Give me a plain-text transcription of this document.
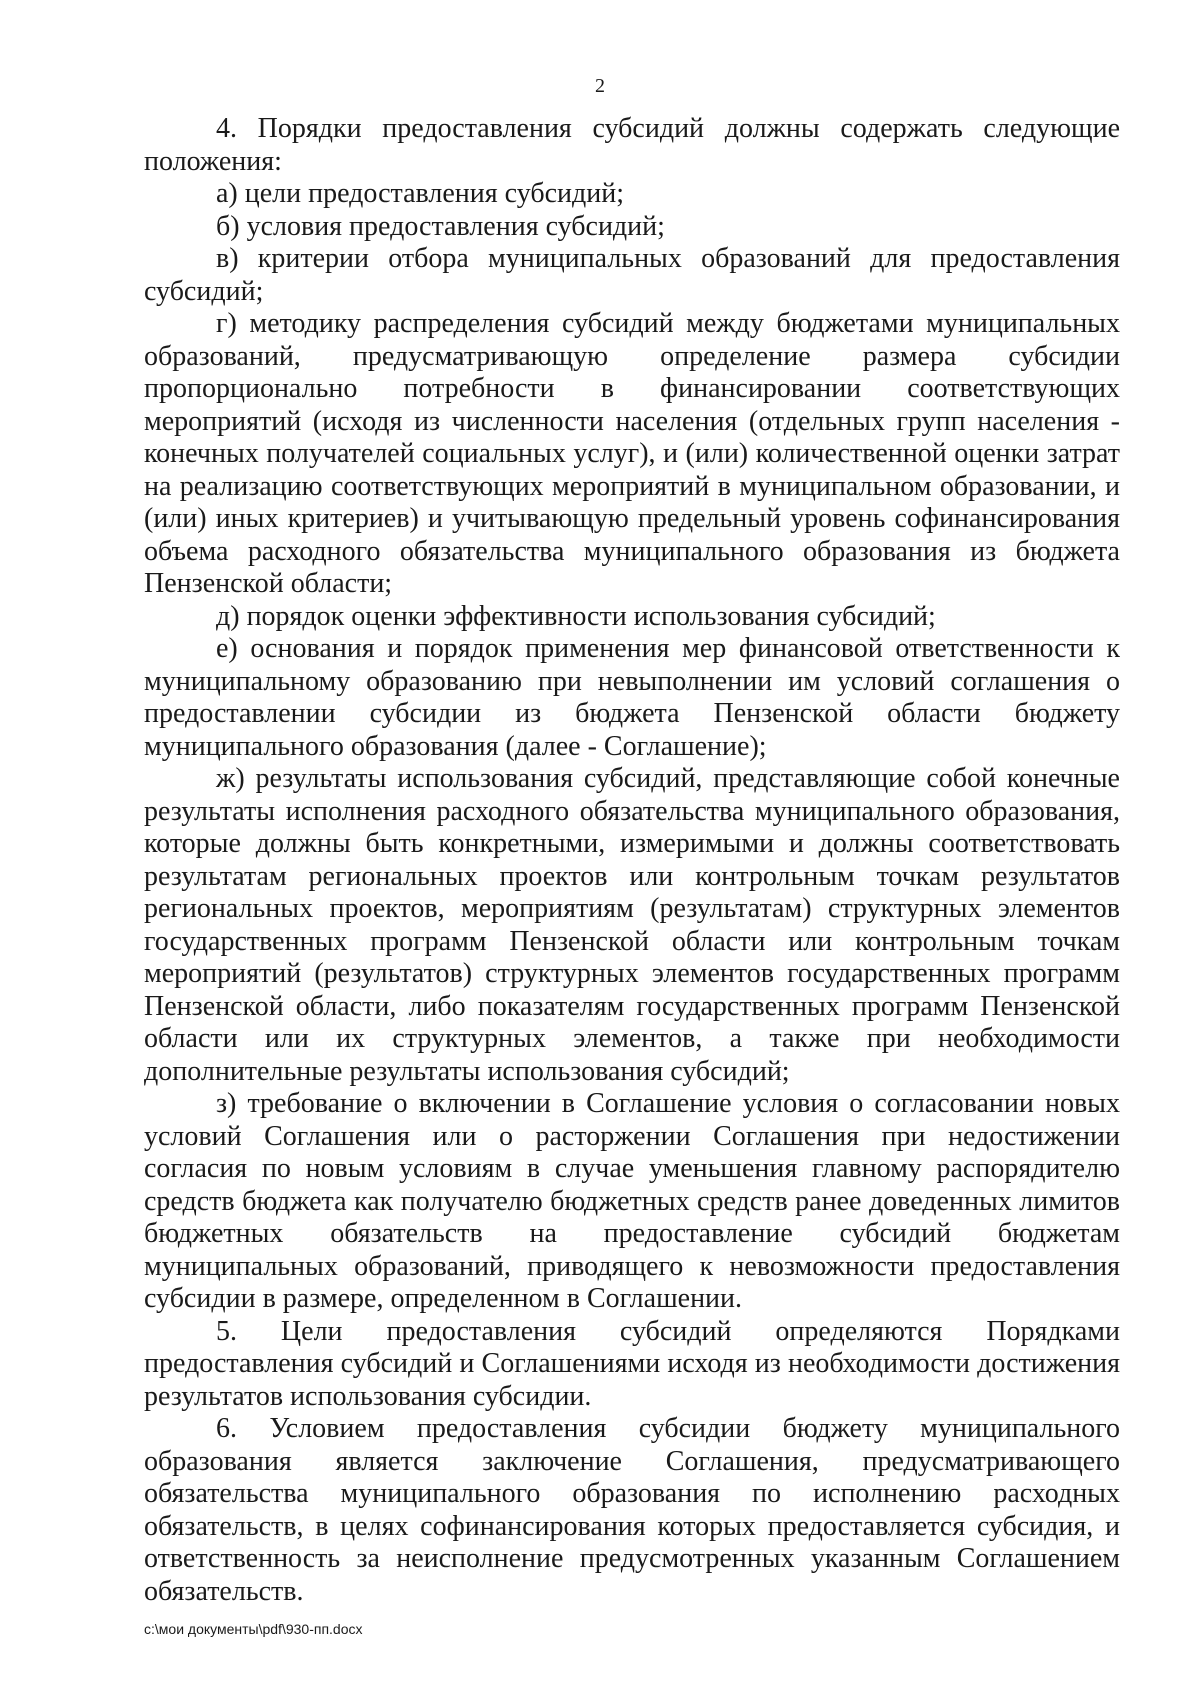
2

4. Порядки предоставления субсидий должны содержать следующие положения:

а) цели предоставления субсидий;

б) условия предоставления субсидий;

в) критерии отбора муниципальных образований для предоставления субсидий;

г) методику распределения субсидий между бюджетами муниципальных образований, предусматривающую определение размера субсидии пропорционально потребности в финансировании соответствующих мероприятий (исходя из численности населения (отдельных групп населения - конечных получателей социальных услуг), и (или) количественной оценки затрат на реализацию соответствующих мероприятий в муниципальном образовании, и (или) иных критериев) и учитывающую предельный уровень софинансирования объема расходного обязательства муниципального образования из бюджета Пензенской области;

д) порядок оценки эффективности использования субсидий;

е) основания и порядок применения мер финансовой ответственности к муниципальному образованию при невыполнении им условий соглашения о предоставлении субсидии из бюджета Пензенской области бюджету муниципального образования (далее - Соглашение);

ж) результаты использования субсидий, представляющие собой конечные результаты исполнения расходного обязательства муниципального образования, которые должны быть конкретными, измеримыми и должны соответствовать результатам региональных проектов или контрольным точкам результатов региональных проектов, мероприятиям (результатам) структурных элементов государственных программ Пензенской области или контрольным точкам мероприятий (результатов) структурных элементов государственных программ Пензенской области, либо показателям государственных программ Пензенской области или их структурных элементов, а также при необходимости дополнительные результаты использования субсидий;

з) требование о включении в Соглашение условия о согласовании новых условий Соглашения или о расторжении Соглашения при недостижении согласия по новым условиям в случае уменьшения главному распорядителю средств бюджета как получателю бюджетных средств ранее доведенных лимитов бюджетных обязательств на предоставление субсидий бюджетам муниципальных образований, приводящего к невозможности предоставления субсидии в размере, определенном в Соглашении.

5. Цели предоставления субсидий определяются Порядками предоставления субсидий и Соглашениями исходя из необходимости достижения результатов использования субсидии.

6. Условием предоставления субсидии бюджету муниципального образования является заключение Соглашения, предусматривающего обязательства муниципального образования по исполнению расходных обязательств, в целях софинансирования которых предоставляется субсидия, и ответственность за неисполнение предусмотренных указанным Соглашением обязательств.

c:\мои документы\pdf\930-пп.docx
